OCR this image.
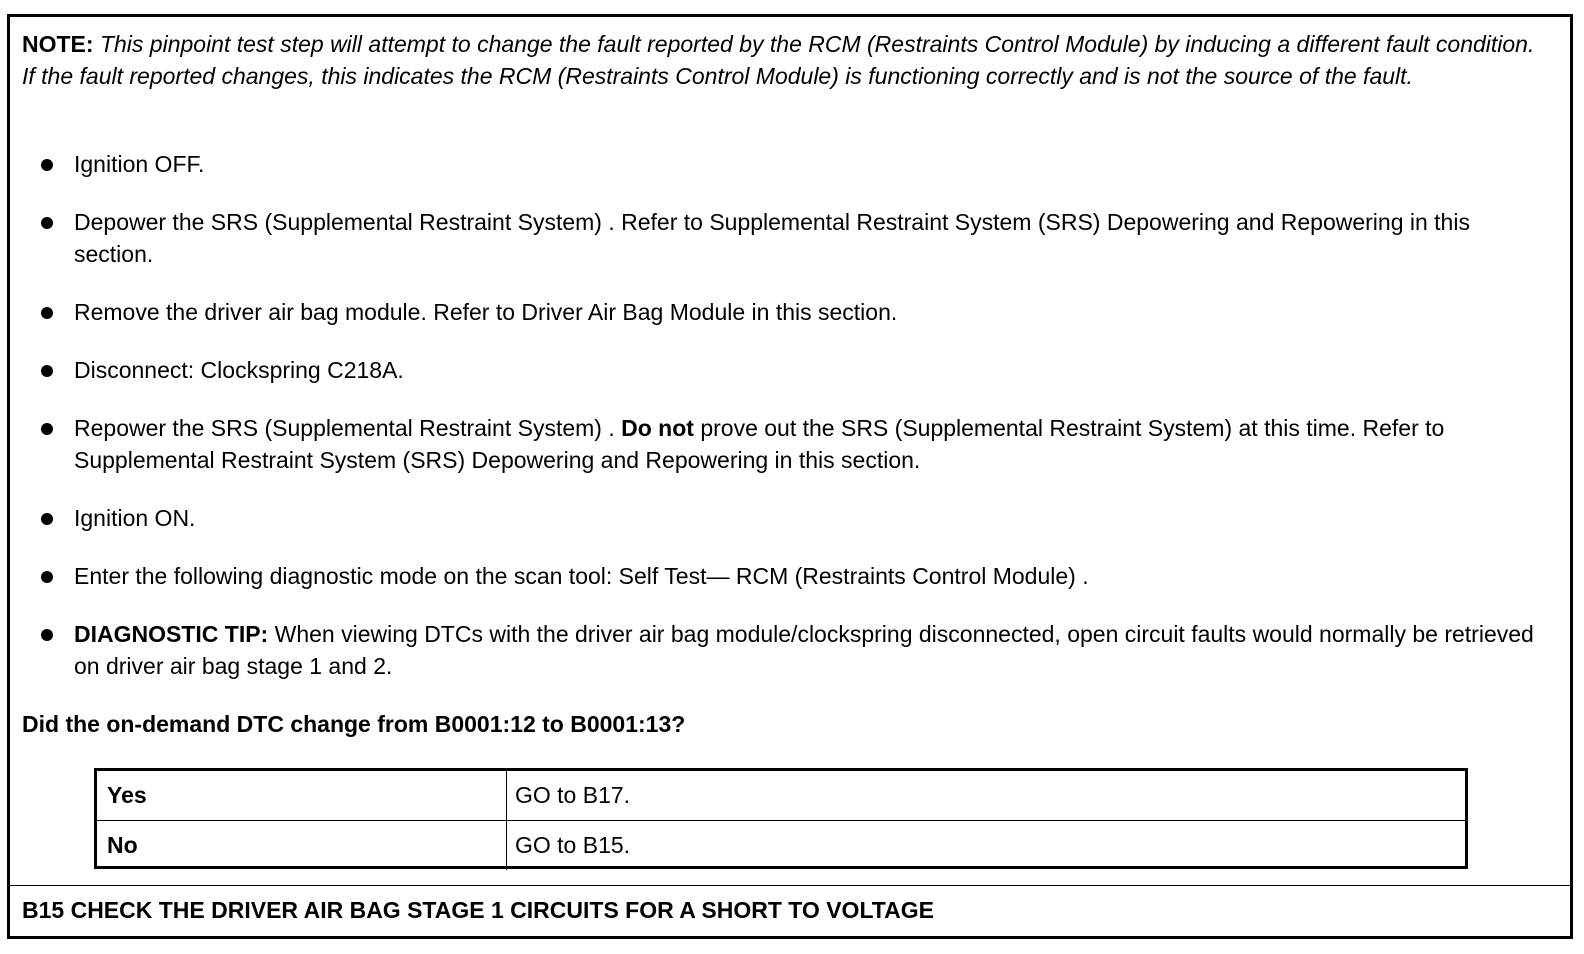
NOTE: This pinpoint test step will attempt to change the fault reported by the RCM (Restraints Control Module) by inducing a different fault condition. If the fault reported changes, this indicates the RCM (Restraints Control Module) is functioning correctly and is not the source of the fault.
Ignition OFF.
Depower the SRS (Supplemental Restraint System) . Refer to Supplemental Restraint System (SRS) Depowering and Repowering in this section.
Remove the driver air bag module. Refer to Driver Air Bag Module in this section.
Disconnect: Clockspring C218A.
Repower the SRS (Supplemental Restraint System) . Do not prove out the SRS (Supplemental Restraint System) at this time. Refer to Supplemental Restraint System (SRS) Depowering and Repowering in this section.
Ignition ON.
Enter the following diagnostic mode on the scan tool: Self Test— RCM (Restraints Control Module) .
DIAGNOSTIC TIP: When viewing DTCs with the driver air bag module/clockspring disconnected, open circuit faults would normally be retrieved on driver air bag stage 1 and 2.
Did the on-demand DTC change from B0001:12 to B0001:13?
Yes	GO to B17.
No	GO to B15.
B15 CHECK THE DRIVER AIR BAG STAGE 1 CIRCUITS FOR A SHORT TO VOLTAGE
